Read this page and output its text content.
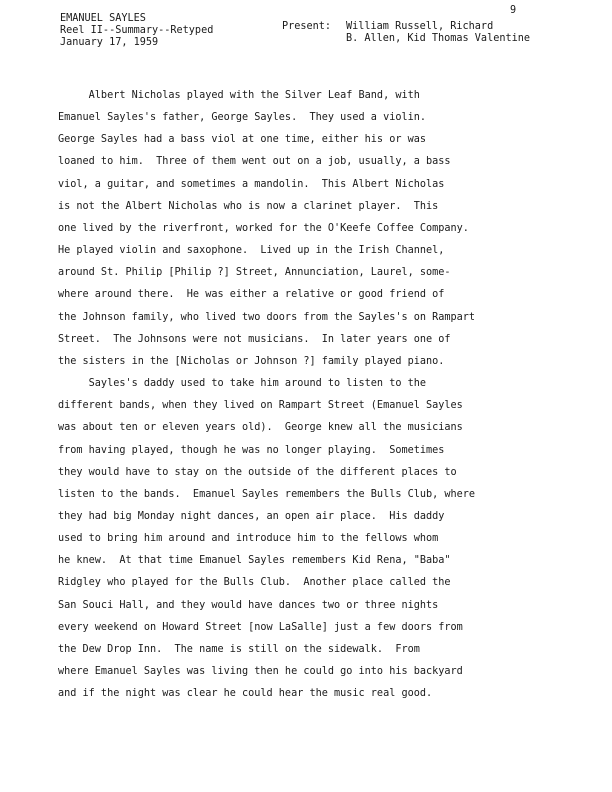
EMANUEL SAYLES
Reel II--Summary--Retyped
January 17, 1959
9
Present: William Russell, Richard
B. Allen, Kid Thomas Valentine
Albert Nicholas played with the Silver Leaf Band, with
Emanuel Sayles's father, George Sayles.  They used a violin.
George Sayles had a bass viol at one time, either his or was
loaned to him.  Three of them went out on a job, usually, a bass
viol, a guitar, and sometimes a mandolin.  This Albert Nicholas
is not the Albert Nicholas who is now a clarinet player.  This
one lived by the riverfront, worked for the O'Keefe Coffee Company.
He played violin and saxophone.  Lived up in the Irish Channel,
around St. Philip [Philip ?] Street, Annunciation, Laurel, some-
where around there.  He was either a relative or good friend of
the Johnson family, who lived two doors from the Sayles's on Rampart
Street.  The Johnsons were not musicians.  In later years one of
the sisters in the [Nicholas or Johnson ?] family played piano.
Sayles's daddy used to take him around to listen to the
different bands, when they lived on Rampart Street (Emanuel Sayles
was about ten or eleven years old).  George knew all the musicians
from having played, though he was no longer playing.  Sometimes
they would have to stay on the outside of the different places to
listen to the bands.  Emanuel Sayles remembers the Bulls Club, where
they had big Monday night dances, an open air place.  His daddy
used to bring him around and introduce him to the fellows whom
he knew.  At that time Emanuel Sayles remembers Kid Rena, "Baba"
Ridgley who played for the Bulls Club.  Another place called the
San Souci Hall, and they would have dances two or three nights
every weekend on Howard Street [now LaSalle] just a few doors from
the Dew Drop Inn.  The name is still on the sidewalk.  From
where Emanuel Sayles was living then he could go into his backyard
and if the night was clear he could hear the music real good.
